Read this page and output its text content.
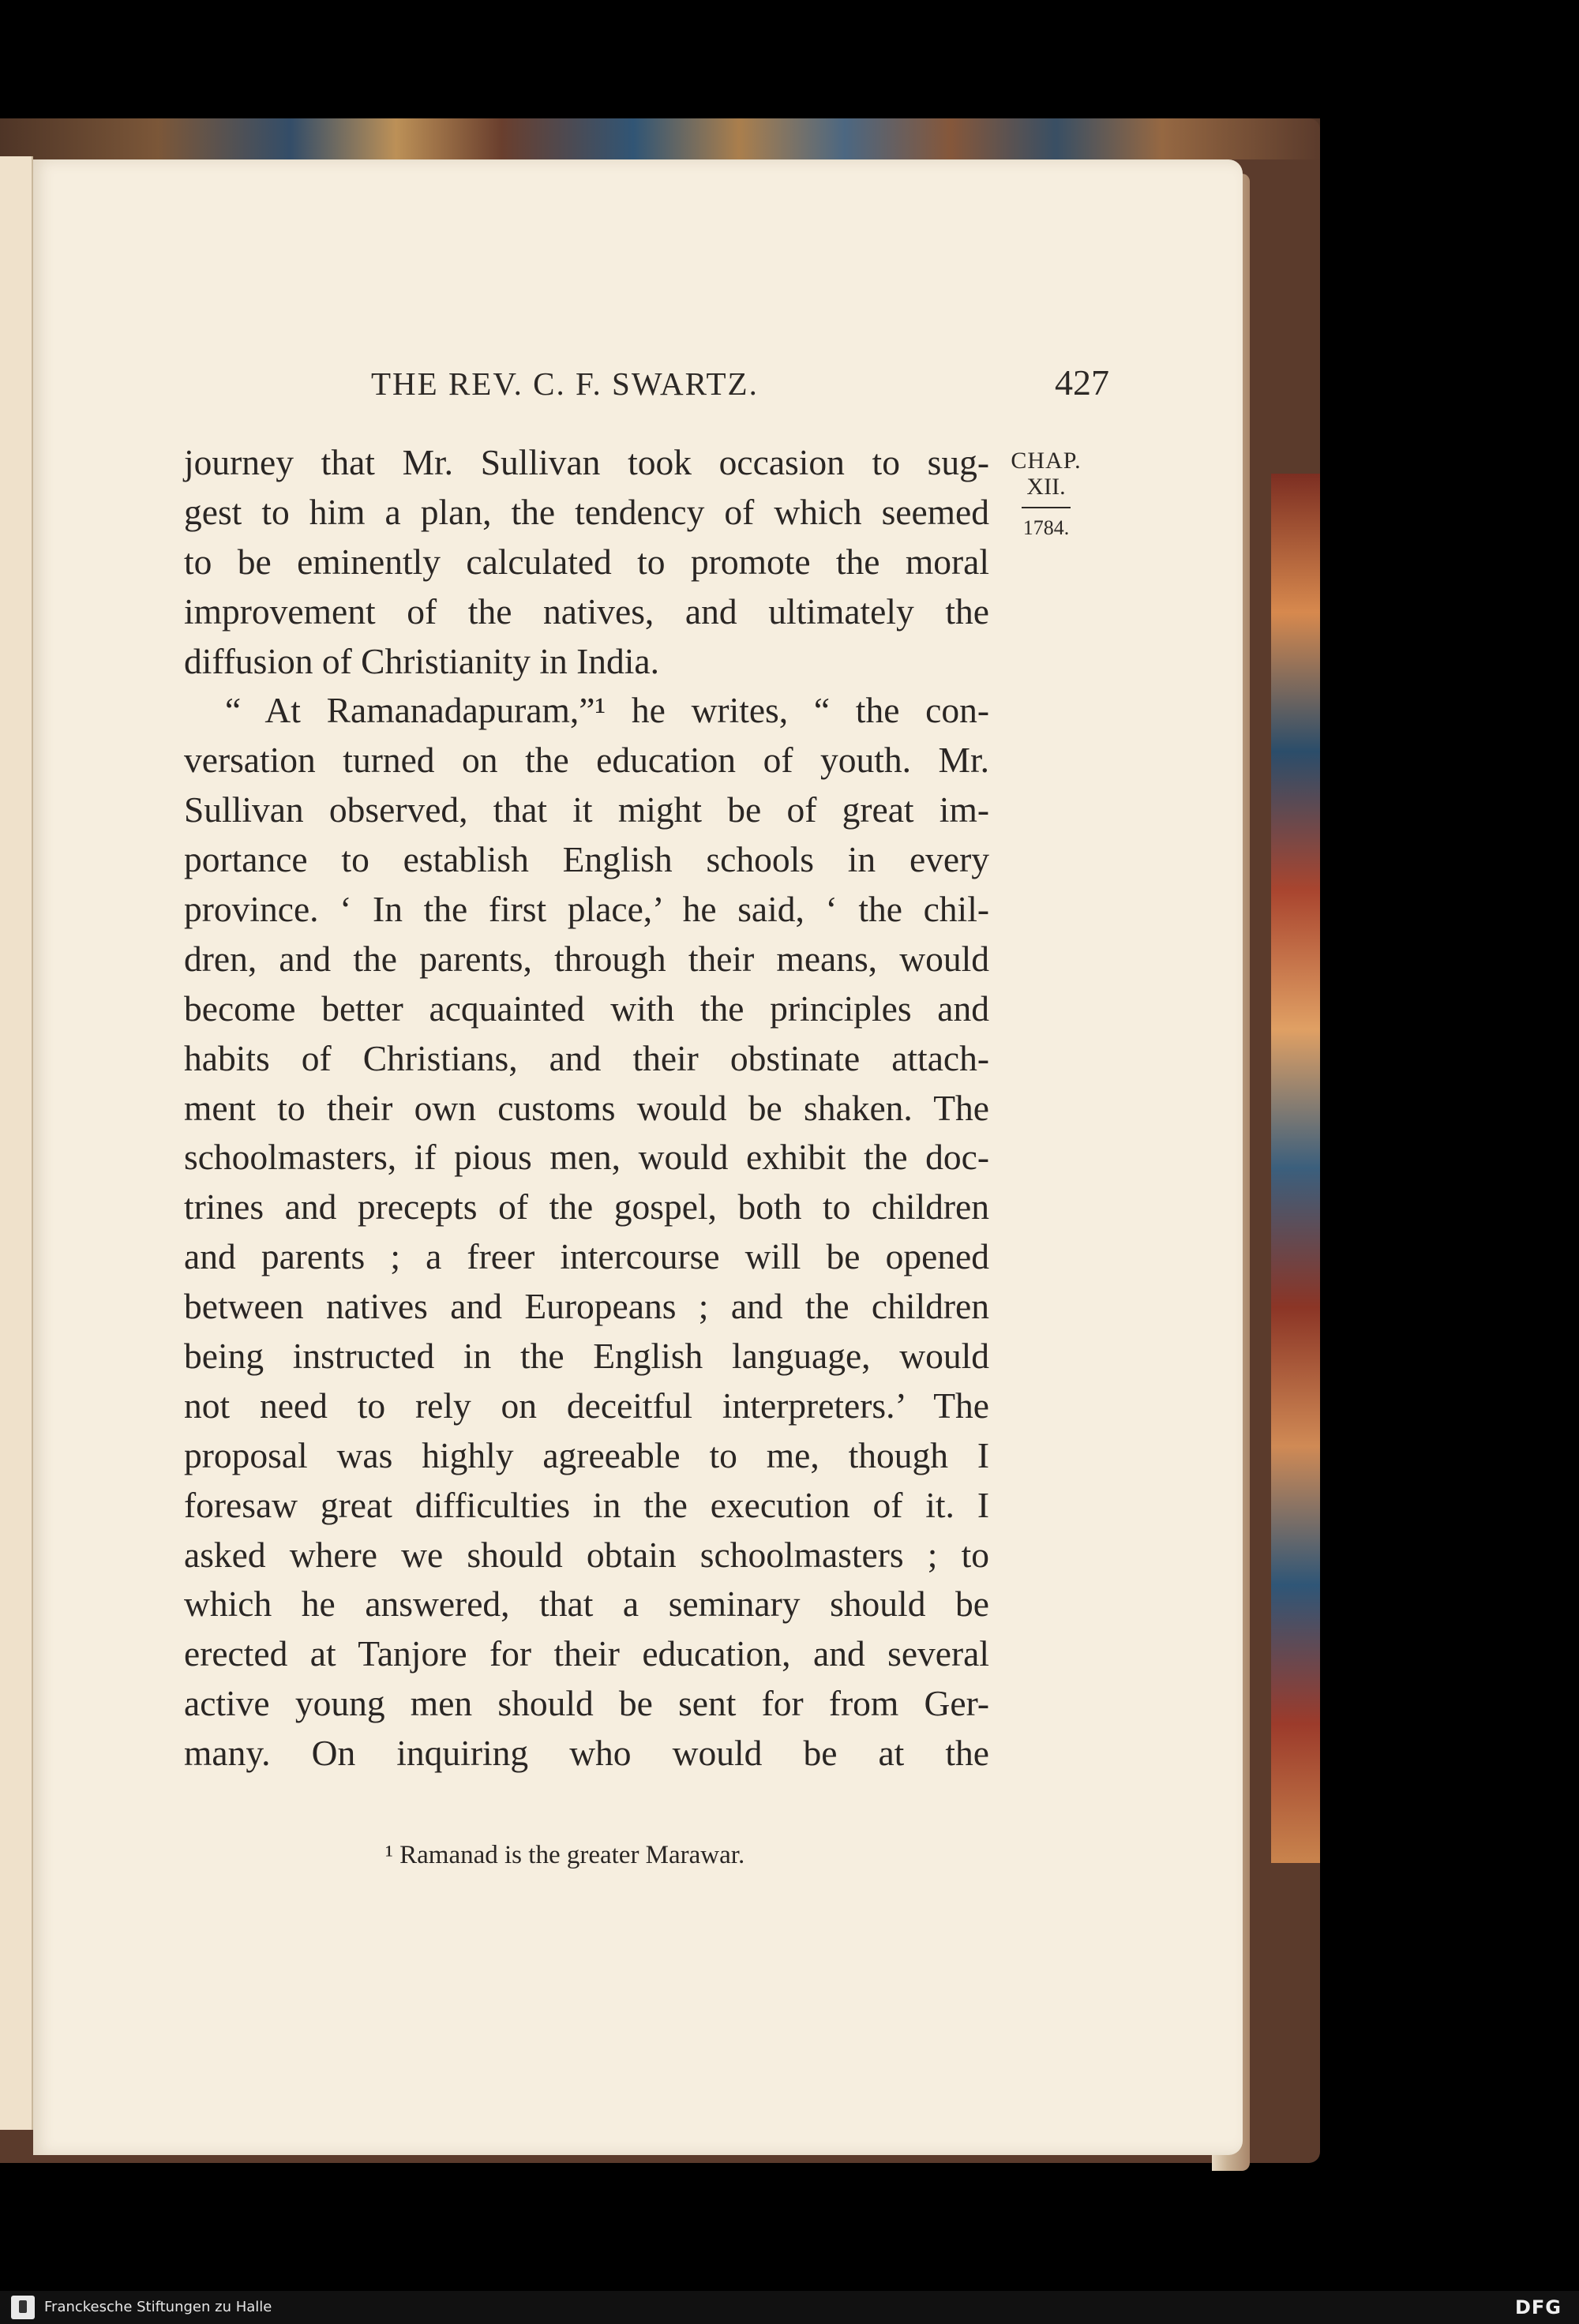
THE REV. C. F. SWARTZ.	427
CHAP.
XII.
1784.
journey that Mr. Sullivan took occasion to sug-
gest to him a plan, the tendency of which seemed
to be eminently calculated to promote the moral
improvement of the natives, and ultimately the
diffusion of Christianity in India.
“ At Ramanadapuram,”¹ he writes, “ the con-
versation turned on the education of youth. Mr.
Sullivan observed, that it might be of great im-
portance to establish English schools in every
province. ‘ In the first place,’ he said, ‘ the chil-
dren, and the parents, through their means, would
become better acquainted with the principles and
habits of Christians, and their obstinate attach-
ment to their own customs would be shaken. The
schoolmasters, if pious men, would exhibit the doc-
trines and precepts of the gospel, both to children
and parents ; a freer intercourse will be opened
between natives and Europeans ; and the children
being instructed in the English language, would
not need to rely on deceitful interpreters.’ The
proposal was highly agreeable to me, though I
foresaw great difficulties in the execution of it. I
asked where we should obtain schoolmasters ; to
which he answered, that a seminary should be
erected at Tanjore for their education, and several
active young men should be sent for from Ger-
many. On inquiring who would be at the
¹ Ramanad is the greater Marawar.
Franckesche Stiftungen zu Halle	DFG
